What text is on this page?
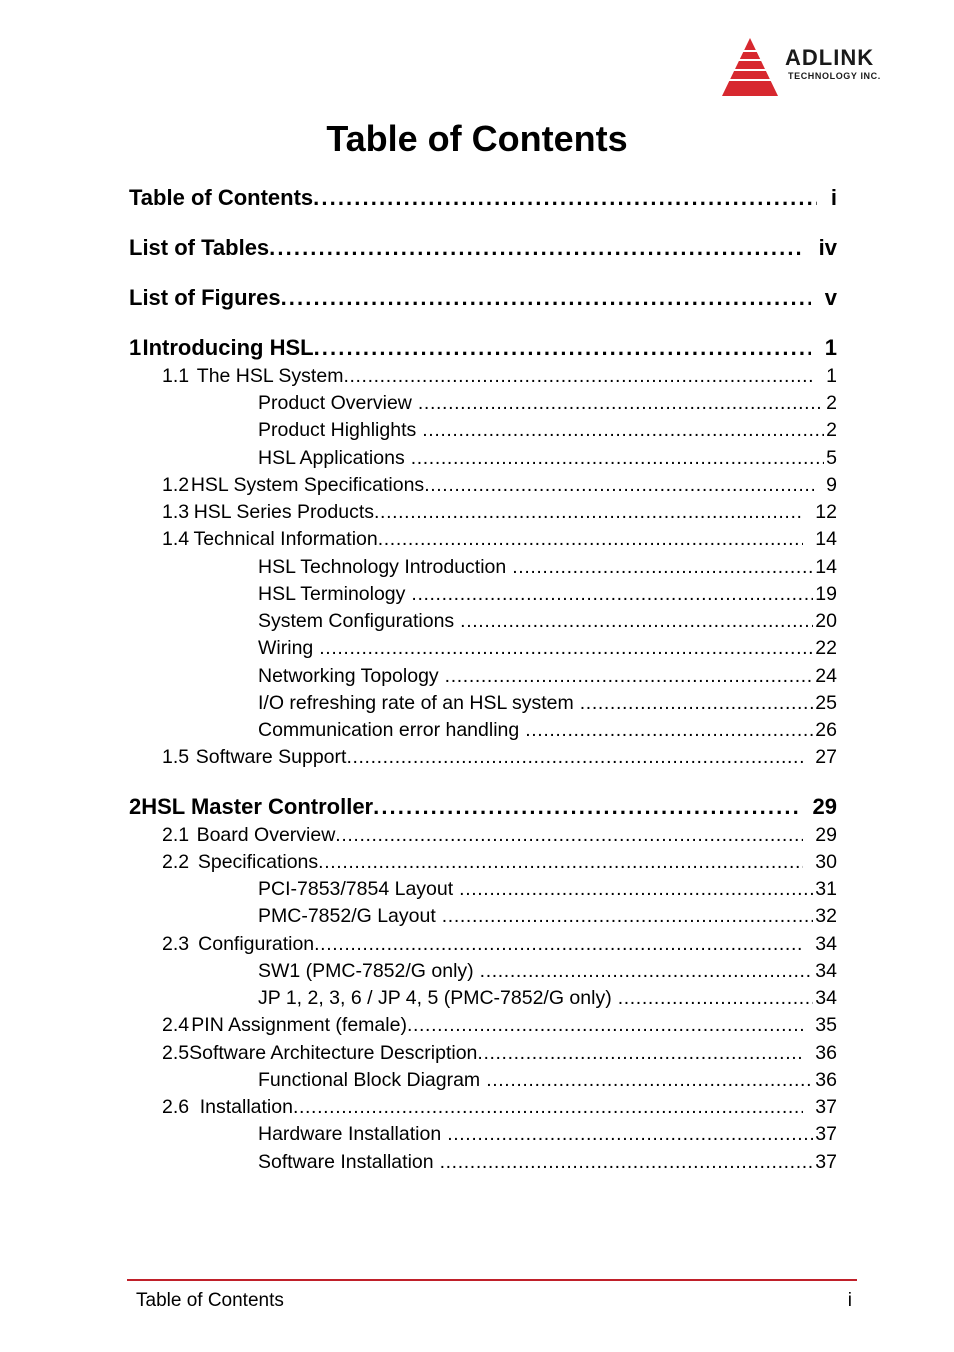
ADLINK
TECHNOLOGY INC.
Table of Contents
Table of Contents . . .	i
List of Tables . . .	iv
List of Figures . . .	v
1 Introducing HSL . . .	1
1.1 The HSL System . . .	1
Product Overview . . .	2
Product Highlights . . .	2
HSL Applications . . .	5
1.2 HSL System Specifications . . .	9
1.3 HSL Series Products . . .	12
1.4 Technical Information . . .	14
HSL Technology Introduction . . .	14
HSL Terminology . . .	19
System Configurations . . .	20
Wiring . . .	22
Networking Topology . . .	24
I/O refreshing rate of an HSL system . . .	25
Communication error handling . . .	26
1.5 Software Support . . .	27
2 HSL Master Controller . . .	29
2.1 Board Overview . . .	29
2.2 Specifications . . .	30
PCI-7853/7854 Layout . . .	31
PMC-7852/G Layout . . .	32
2.3 Configuration . . .	34
SW1 (PMC-7852/G only) . . .	34
JP 1, 2, 3, 6 / JP 4, 5 (PMC-7852/G only) . . .	34
2.4 PIN Assignment (female) . . .	35
2.5 Software Architecture Description . . .	36
Functional Block Diagram . . .	36
2.6 Installation . . .	37
Hardware Installation . . .	37
Software Installation . . .	37
Table of Contents	i
